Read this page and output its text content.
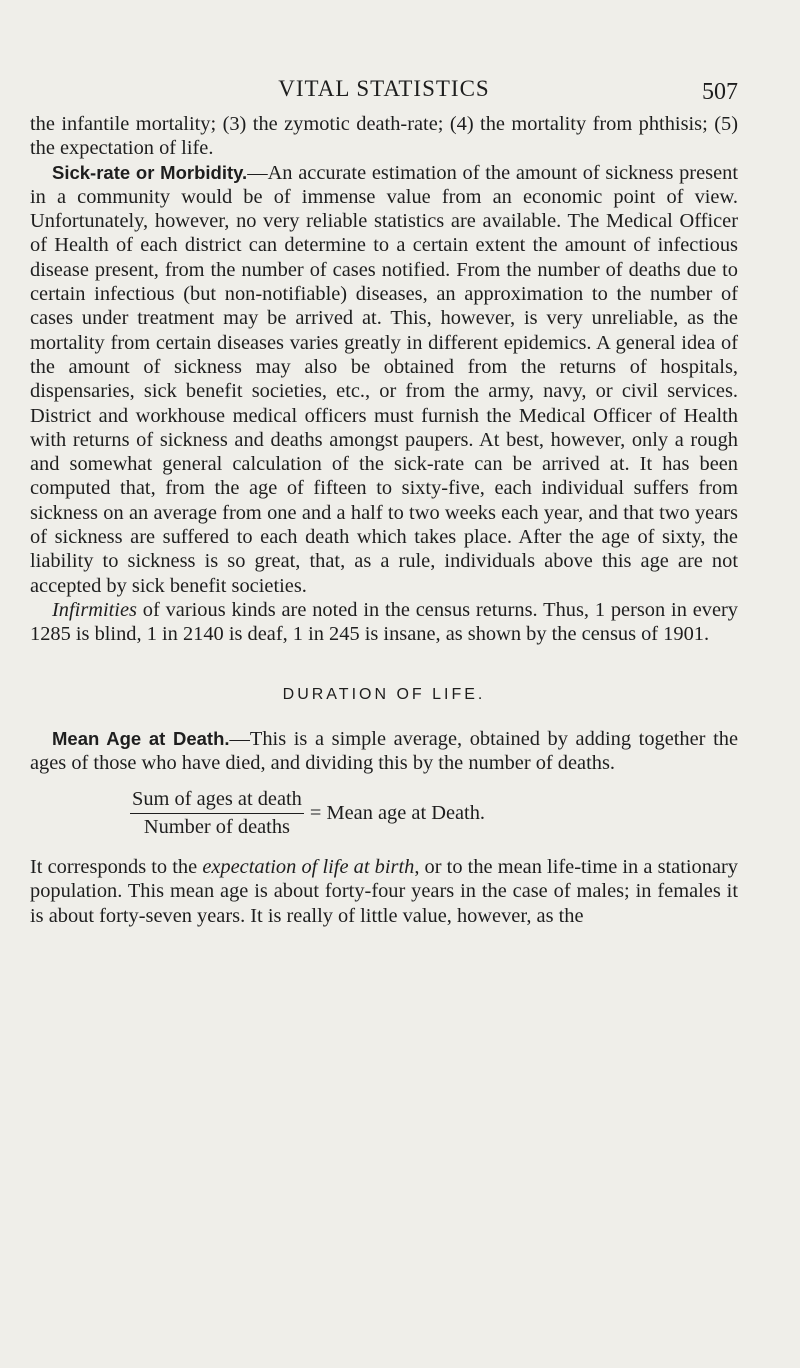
VITAL STATISTICS	507

the infantile mortality; (3) the zymotic death-rate; (4) the mortality from phthisis; (5) the expectation of life.

Sick-rate or Morbidity.—An accurate estimation of the amount of sickness present in a community would be of immense value from an economic point of view. Unfortunately, however, no very reliable statistics are available. The Medical Officer of Health of each district can determine to a certain extent the amount of infectious disease present, from the number of cases notified. From the number of deaths due to certain infectious (but non-notifiable) diseases, an approximation to the number of cases under treatment may be arrived at. This, however, is very unreliable, as the mortality from certain diseases varies greatly in different epidemics. A general idea of the amount of sickness may also be obtained from the returns of hospitals, dispensaries, sick benefit societies, etc., or from the army, navy, or civil services. District and workhouse medical officers must furnish the Medical Officer of Health with returns of sickness and deaths amongst paupers. At best, however, only a rough and somewhat general calculation of the sick-rate can be arrived at. It has been computed that, from the age of fifteen to sixty-five, each individual suffers from sickness on an average from one and a half to two weeks each year, and that two years of sickness are suffered to each death which takes place. After the age of sixty, the liability to sickness is so great, that, as a rule, individuals above this age are not accepted by sick benefit societies.

Infirmities of various kinds are noted in the census returns. Thus, 1 person in every 1285 is blind, 1 in 2140 is deaf, 1 in 245 is insane, as shown by the census of 1901.

DURATION OF LIFE.

Mean Age at Death.—This is a simple average, obtained by adding together the ages of those who have died, and dividing this by the number of deaths.

$\frac{\text{Sum of ages at death}}{\text{Number of deaths}}$ = Mean age at Death.

It corresponds to the expectation of life at birth, or to the mean life-time in a stationary population. This mean age is about forty-four years in the case of males; in females it is about forty-seven years. It is really of little value, however, as the
